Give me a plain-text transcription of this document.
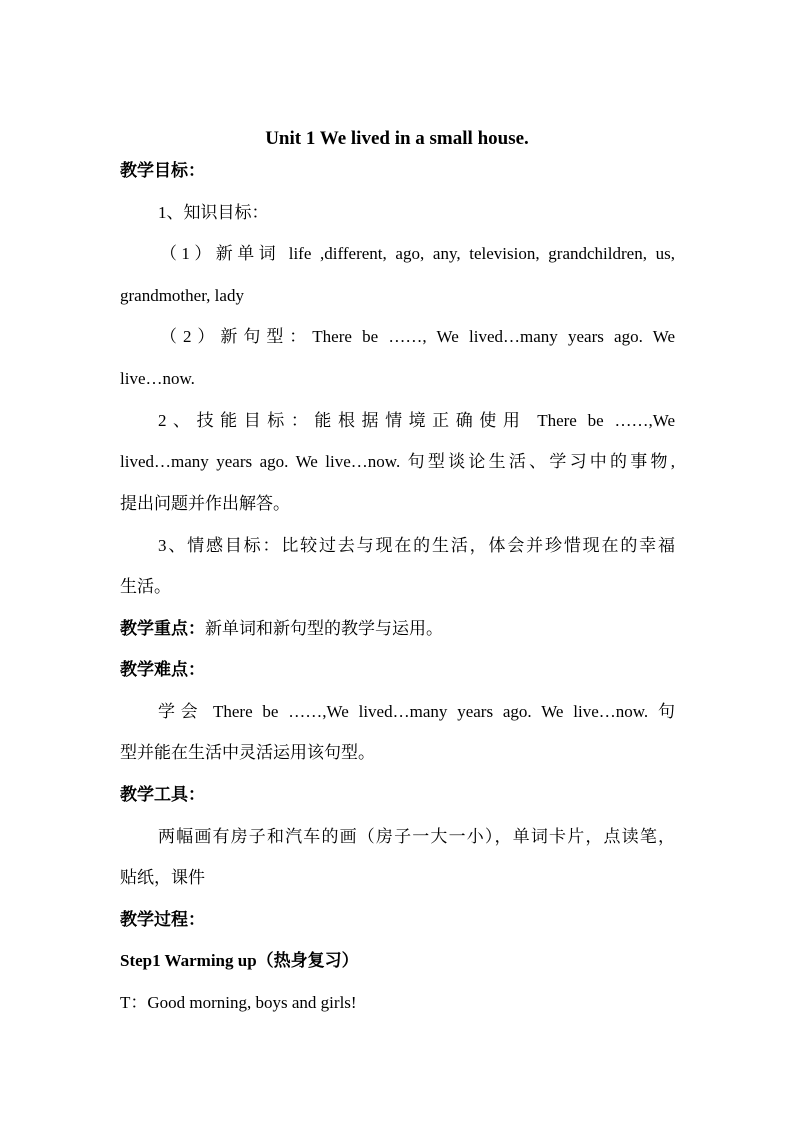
Unit 1 We lived in a small house.

教学目标：

1、知识目标：

（1）新单词 life ,different, ago, any, television, grandchildren, us,

grandmother, lady

（2）新句型：There be ……, We lived…many years ago. We

live…now.

2、技能目标：能根据情境正确使用 There be ……,We

lived…many years ago. We live…now. 句型谈论生活、学习中的事物,

提出问题并作出解答。

3、情感目标：比较过去与现在的生活，体会并珍惜现在的幸福

生活。

教学重点：新单词和新句型的教学与运用。

教学难点：

学会 There be ……,We lived…many years ago. We live…now. 句

型并能在生活中灵活运用该句型。

教学工具：

两幅画有房子和汽车的画（房子一大一小），单词卡片，点读笔，

贴纸，课件

教学过程：

Step1 Warming up（热身复习）

T：Good morning, boys and girls!
